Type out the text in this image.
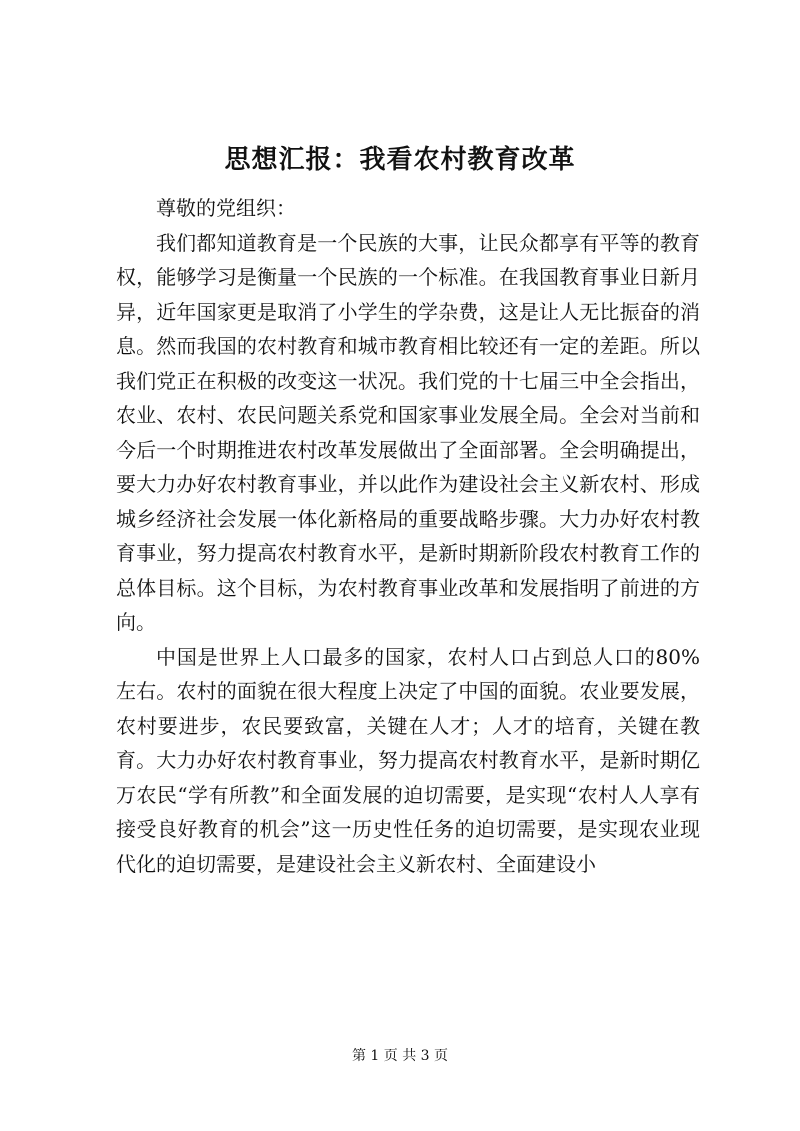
思想汇报：我看农村教育改革

尊敬的党组织：

我们都知道教育是一个民族的大事，让民众都享有平等的教育权，能够学习是衡量一个民族的一个标准。在我国教育事业日新月异，近年国家更是取消了小学生的学杂费，这是让人无比振奋的消息。然而我国的农村教育和城市教育相比较还有一定的差距。所以我们党正在积极的改变这一状况。我们党的十七届三中全会指出，农业、农村、农民问题关系党和国家事业发展全局。全会对当前和今后一个时期推进农村改革发展做出了全面部署。全会明确提出，要大力办好农村教育事业，并以此作为建设社会主义新农村、形成城乡经济社会发展一体化新格局的重要战略步骤。大力办好农村教育事业，努力提高农村教育水平，是新时期新阶段农村教育工作的总体目标。这个目标，为农村教育事业改革和发展指明了前进的方向。

中国是世界上人口最多的国家，农村人口占到总人口的80%左右。农村的面貌在很大程度上决定了中国的面貌。农业要发展，农村要进步，农民要致富，关键在人才；人才的培育，关键在教育。大力办好农村教育事业，努力提高农村教育水平，是新时期亿万农民“学有所教”和全面发展的迫切需要，是实现“农村人人享有接受良好教育的机会”这一历史性任务的迫切需要，是实现农业现代化的迫切需要，是建设社会主义新农村、全面建设小

第 1 页 共 3 页
